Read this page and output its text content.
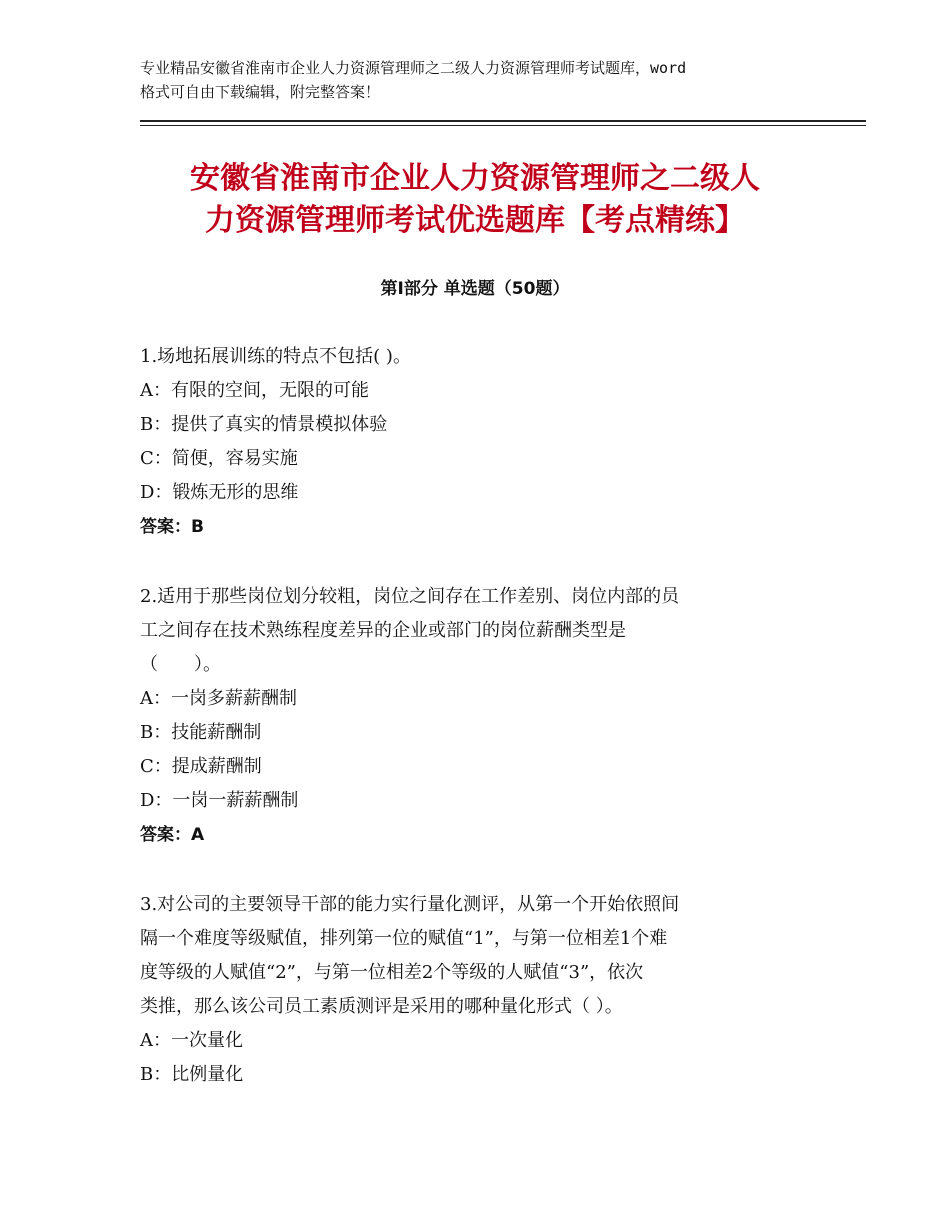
专业精品安徽省淮南市企业人力资源管理师之二级人力资源管理师考试题库，word
格式可自由下载编辑，附完整答案！
安徽省淮南市企业人力资源管理师之二级人
力资源管理师考试优选题库【考点精练】
第Ⅰ部分 单选题（50题）

1.场地拓展训练的特点不包括( )。

A：有限的空间，无限的可能

B：提供了真实的情景模拟体验

C：简便，容易实施

D：锻炼无形的思维

答案：B

2.适用于那些岗位划分较粗，岗位之间存在工作差别、岗位内部的员

工之间存在技术熟练程度差异的企业或部门的岗位薪酬类型是

（　　）。

A：一岗多薪薪酬制

B：技能薪酬制

C：提成薪酬制

D：一岗一薪薪酬制

答案：A

3.对公司的主要领导干部的能力实行量化测评，从第一个开始依照间

隔一个难度等级赋值，排列第一位的赋值“1”，与第一位相差1个难

度等级的人赋值“2”，与第一位相差2个等级的人赋值“3”，依次

类推，那么该公司员工素质测评是采用的哪种量化形式（ ）。

A：一次量化

B：比例量化
